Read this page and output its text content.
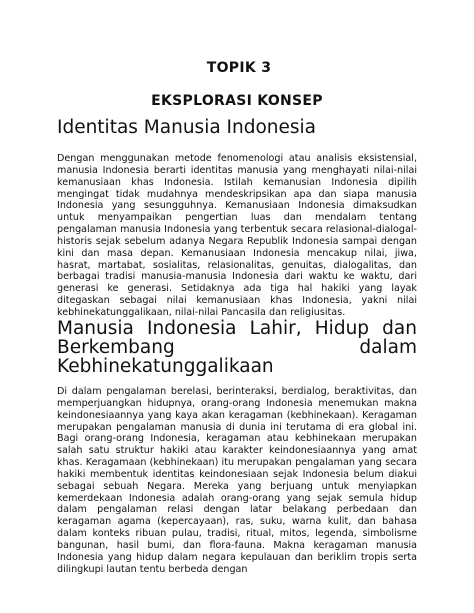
TOPIK 3
EKSPLORASI KONSEP
Identitas Manusia Indonesia
Dengan menggunakan metode fenomenologi atau analisis eksistensial, manusia Indonesia berarti identitas manusia yang menghayati nilai-nilai kemanusiaan khas Indonesia. Istilah kemanusian Indonesia dipilih mengingat tidak mudahnya mendeskripsikan apa dan siapa manusia Indonesia yang sesungguhnya. Kemanusiaan Indonesia dimaksudkan untuk menyampaikan pengertian luas dan mendalam tentang pengalaman manusia Indonesia yang terbentuk secara relasional-dialogal-historis sejak sebelum adanya Negara Republik Indonesia sampai dengan kini dan masa depan. Kemanusiaan Indonesia mencakup nilai, jiwa, hasrat, martabat, sosialitas, relasionalitas, genuitas, dialogalitas, dan berbagai tradisi manusia-manusia Indonesia dari waktu ke waktu, dari generasi ke generasi. Setidaknya ada tiga hal hakiki yang layak ditegaskan sebagai nilai kemanusiaan khas Indonesia, yakni nilai kebhinekatunggalikaan, nilai-nilai Pancasila dan religiusitas.
Manusia Indonesia Lahir, Hidup dan Berkembang dalam Kebhinekatunggalikaan
Di dalam pengalaman berelasi, berinteraksi, berdialog, beraktivitas, dan memperjuangkan hidupnya, orang-orang Indonesia menemukan makna keindonesiaannya yang kaya akan keragaman (kebhinekaan). Keragaman merupakan pengalaman manusia di dunia ini terutama di era global ini. Bagi orang-orang Indonesia, keragaman atau kebhinekaan merupakan salah satu struktur hakiki atau karakter keindonesiaannya yang amat khas. Keragamaan (kebhinekaan) itu merupakan pengalaman yang secara hakiki membentuk identitas keindonesiaan sejak Indonesia belum diakui sebagai sebuah Negara. Mereka yang berjuang untuk menyiapkan kemerdekaan Indonesia adalah orang-orang yang sejak semula hidup dalam pengalaman relasi dengan latar belakang perbedaan dan keragaman agama (kepercayaan), ras, suku, warna kulit, dan bahasa dalam konteks ribuan pulau, tradisi, ritual, mitos, legenda, simbolisme bangunan, hasil bumi, dan flora-fauna. Makna keragaman manusia Indonesia yang hidup dalam negara kepulauan dan beriklim tropis serta dilingkupi lautan tentu berbeda dengan
